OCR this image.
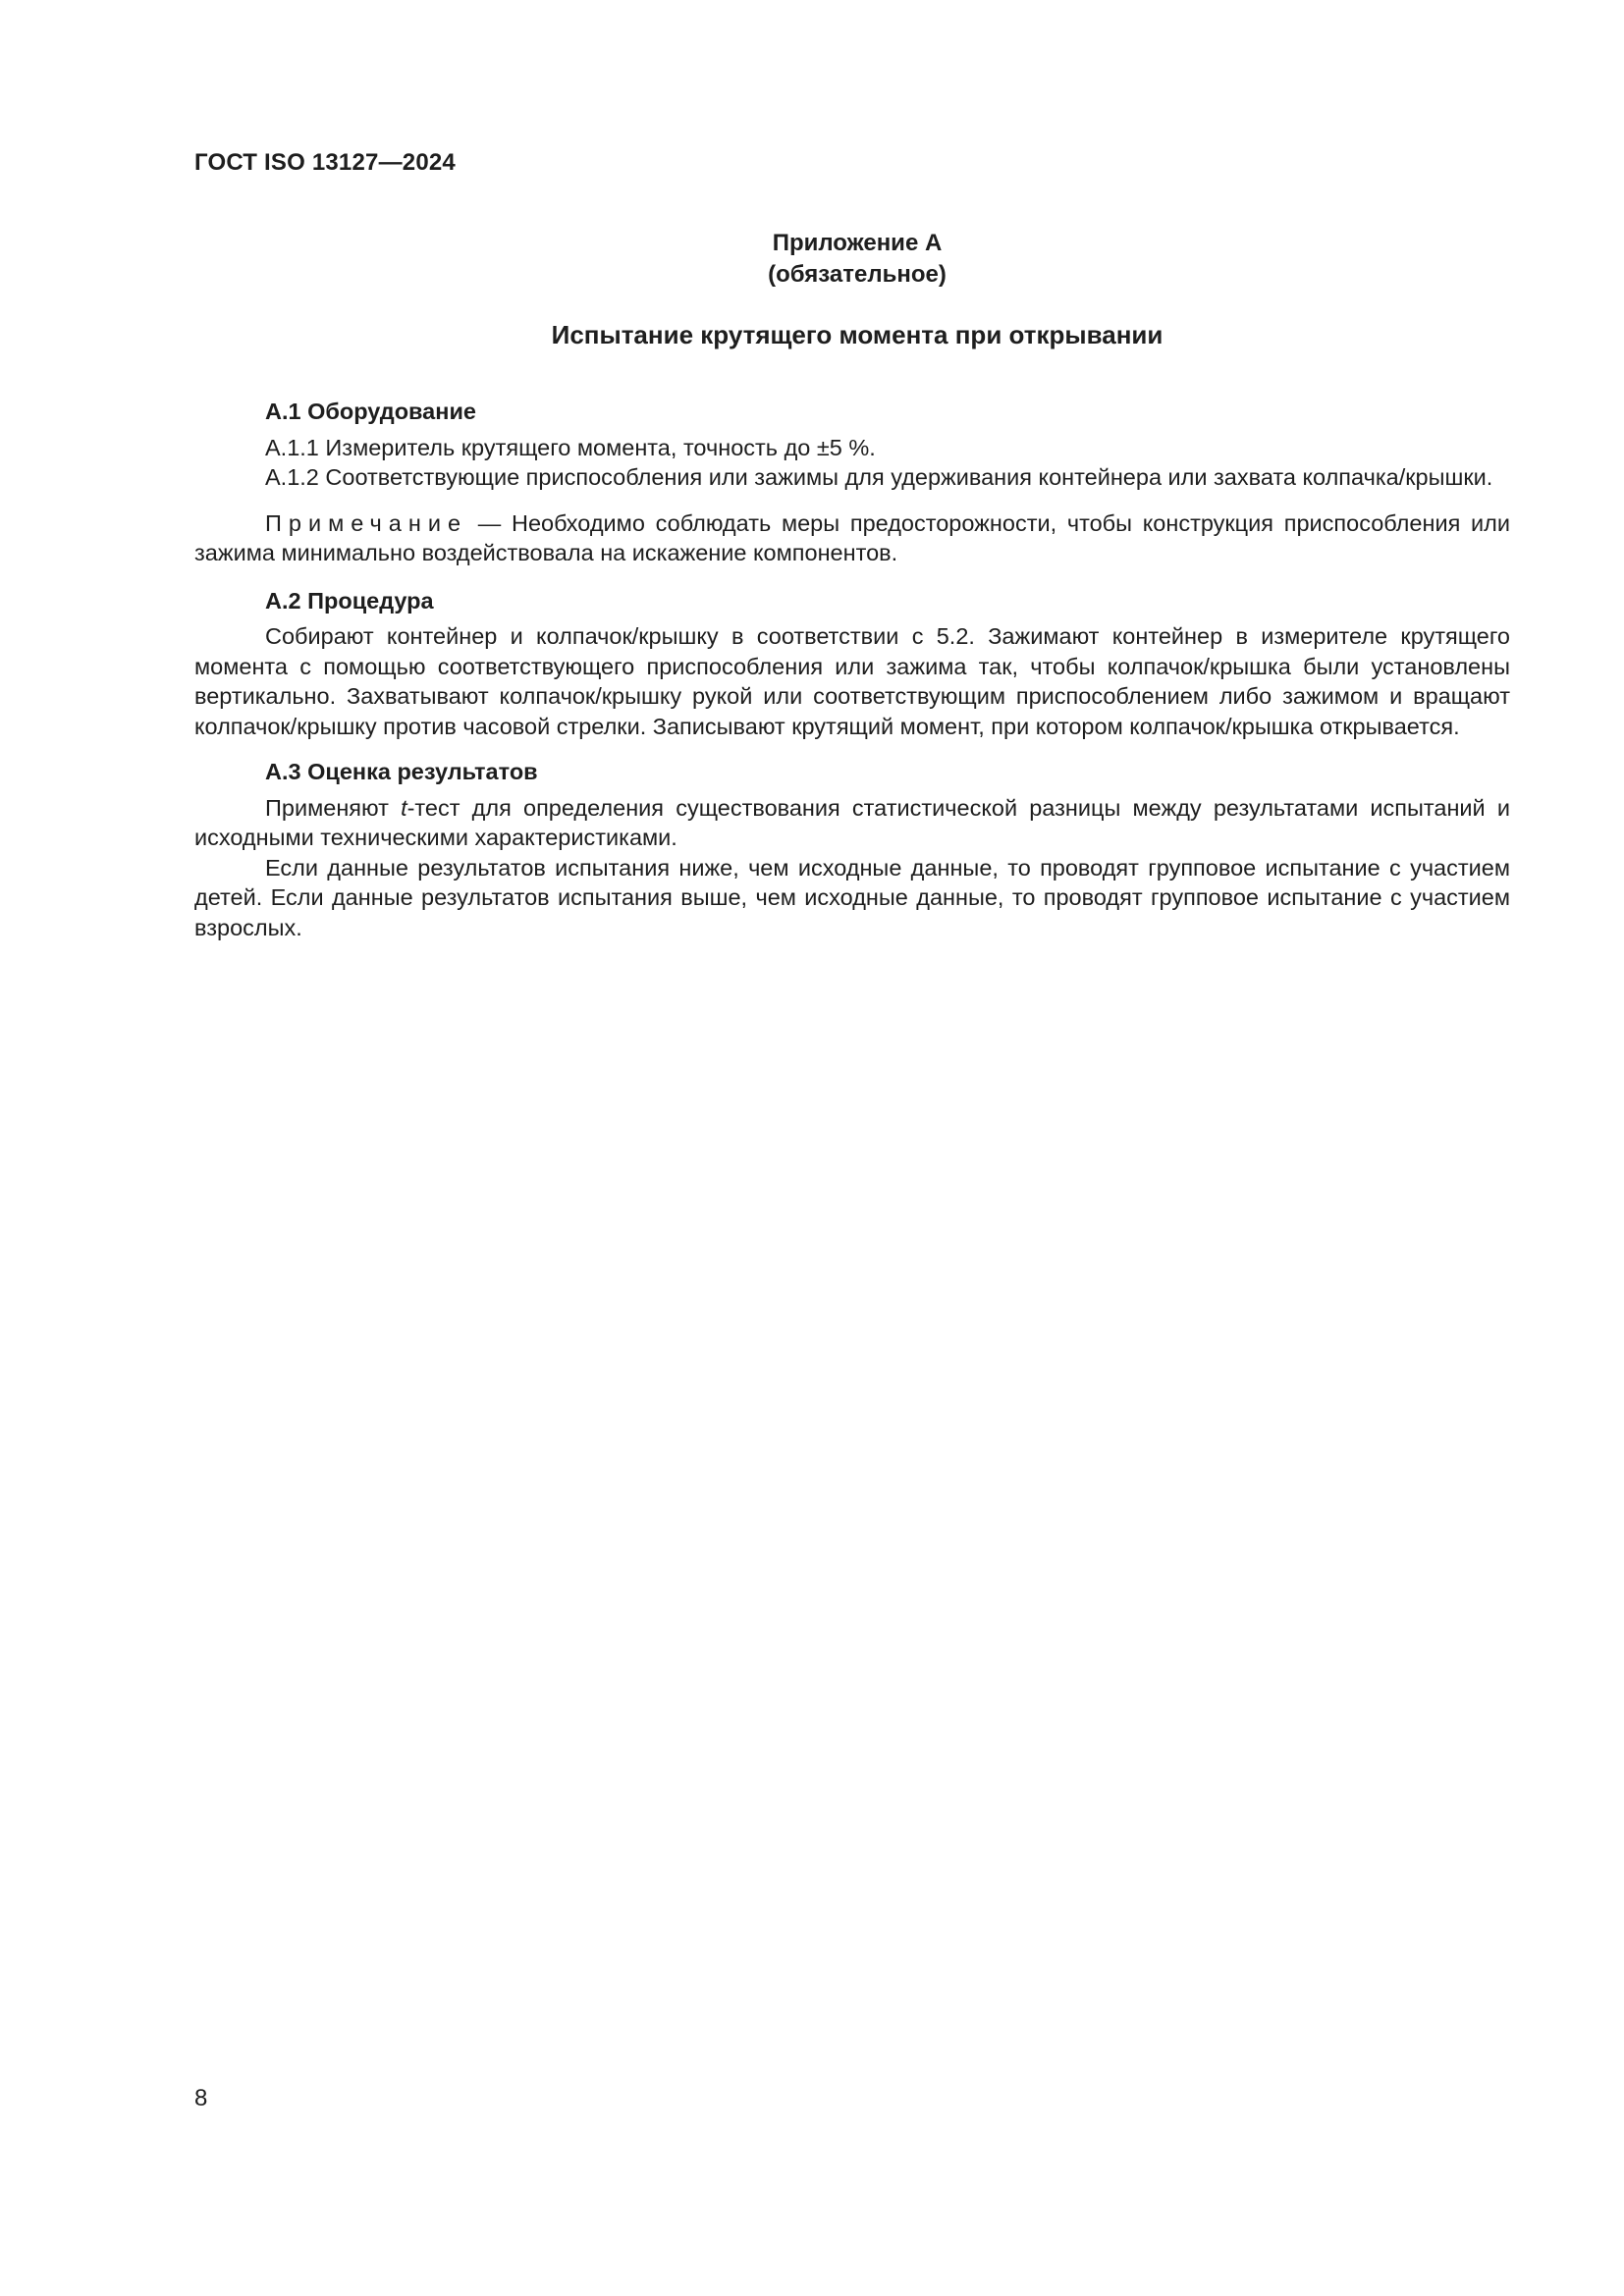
ГОСТ ISO 13127—2024
Приложение А
(обязательное)
Испытание крутящего момента при открывании
А.1 Оборудование

А.1.1 Измеритель крутящего момента, точность до ±5 %.

А.1.2 Соответствующие приспособления или зажимы для удерживания контейнера или захвата колпачка/крышки.

Примечание — Необходимо соблюдать меры предосторожности, чтобы конструкция приспособления или зажима минимально воздействовала на искажение компонентов.

А.2 Процедура

Собирают контейнер и колпачок/крышку в соответствии с 5.2. Зажимают контейнер в измерителе крутящего момента с помощью соответствующего приспособления или зажима так, чтобы колпачок/крышка были установлены вертикально. Захватывают колпачок/крышку рукой или соответствующим приспособлением либо зажимом и вращают колпачок/крышку против часовой стрелки. Записывают крутящий момент, при котором колпачок/крышка открывается.

А.3 Оценка результатов

Применяют t-тест для определения существования статистической разницы между результатами испытаний и исходными техническими характеристиками.

Если данные результатов испытания ниже, чем исходные данные, то проводят групповое испытание с участием детей. Если данные результатов испытания выше, чем исходные данные, то проводят групповое испытание с участием взрослых.

8
